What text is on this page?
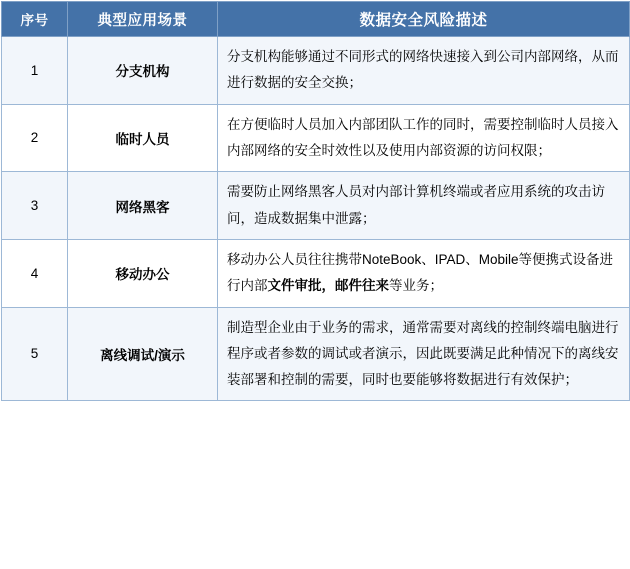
序号	典型应用场景	数据安全风险描述
1	分支机构	分支机构能够通过不同形式的网络快速接入到公司内部网络，从而进行数据的安全交换；
2	临时人员	在方便临时人员加入内部团队工作的同时，需要控制临时人员接入内部网络的安全时效性以及使用内部资源的访问权限；
3	网络黑客	需要防止网络黑客人员对内部计算机终端或者应用系统的攻击访问，造成数据集中泄露；
4	移动办公	移动办公人员往往携带NoteBook、IPAD、Mobile等便携式设备进行内部文件审批，邮件往来等业务；
5	离线调试/演示	制造型企业由于业务的需求，通常需要对离线的控制终端电脑进行程序或者参数的调试或者演示，因此既要满足此种情况下的离线安装部署和控制的需要，同时也要能够将数据进行有效保护；
